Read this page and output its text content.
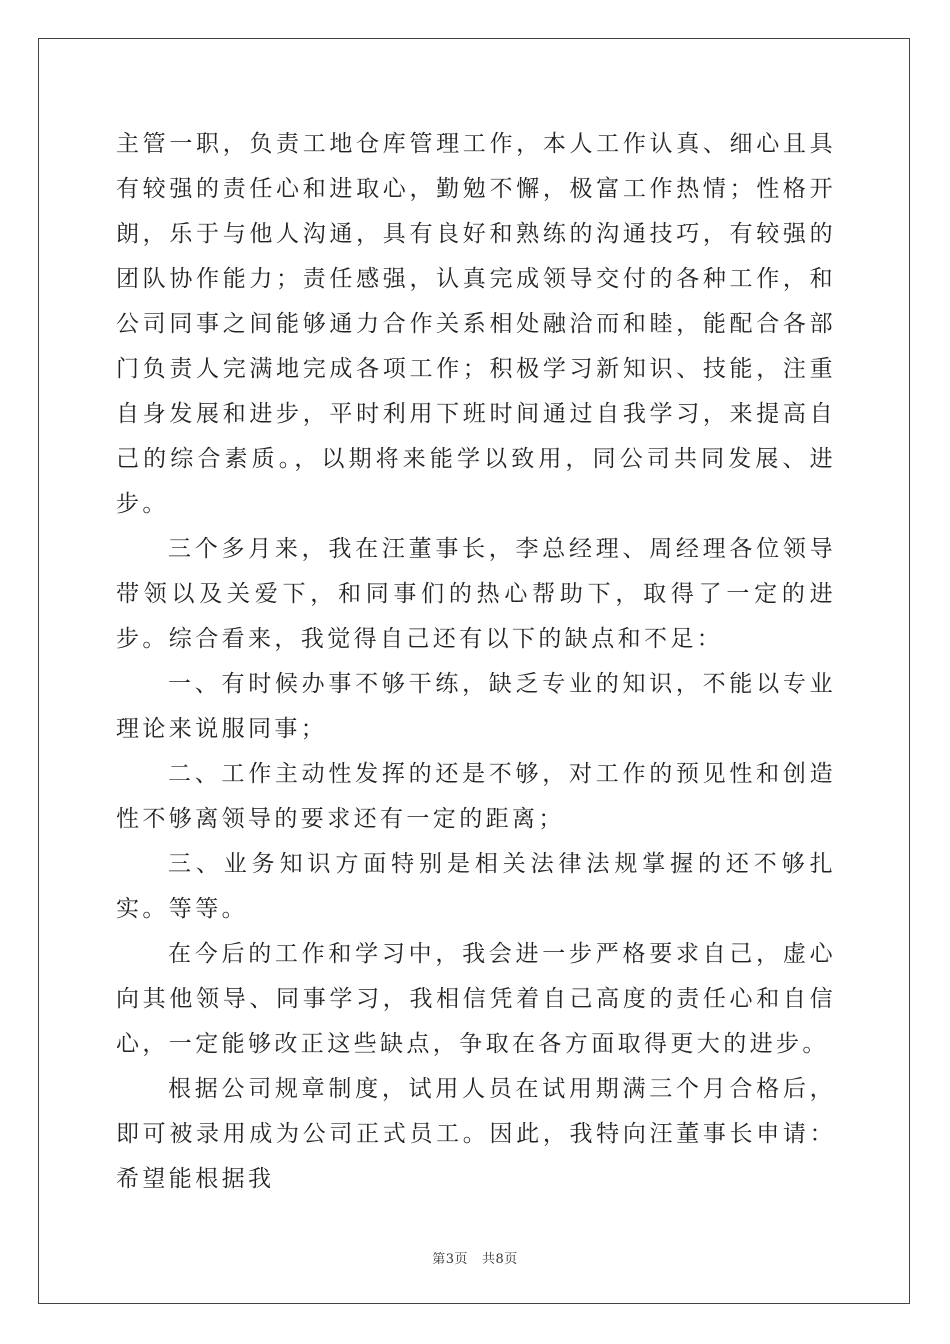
主管一职，负责工地仓库管理工作，本人工作认真、细心且具有较强的责任心和进取心，勤勉不懈，极富工作热情；性格开朗，乐于与他人沟通，具有良好和熟练的沟通技巧，有较强的团队协作能力；责任感强，认真完成领导交付的各种工作，和公司同事之间能够通力合作关系相处融洽而和睦，能配合各部门负责人完满地完成各项工作；积极学习新知识、技能，注重自身发展和进步，平时利用下班时间通过自我学习，来提高自己的综合素质。，以期将来能学以致用，同公司共同发展、进步。

三个多月来，我在汪董事长，李总经理、周经理各位领导带领以及关爱下，和同事们的热心帮助下，取得了一定的进步。综合看来，我觉得自己还有以下的缺点和不足：

一、有时候办事不够干练，缺乏专业的知识，不能以专业理论来说服同事；

二、工作主动性发挥的还是不够，对工作的预见性和创造性不够离领导的要求还有一定的距离；

三、业务知识方面特别是相关法律法规掌握的还不够扎实。等等。

在今后的工作和学习中，我会进一步严格要求自己，虚心向其他领导、同事学习，我相信凭着自己高度的责任心和自信心，一定能够改正这些缺点，争取在各方面取得更大的进步。

根据公司规章制度，试用人员在试用期满三个月合格后，即可被录用成为公司正式员工。因此，我特向汪董事长申请：希望能根据我

第3页 共8页
